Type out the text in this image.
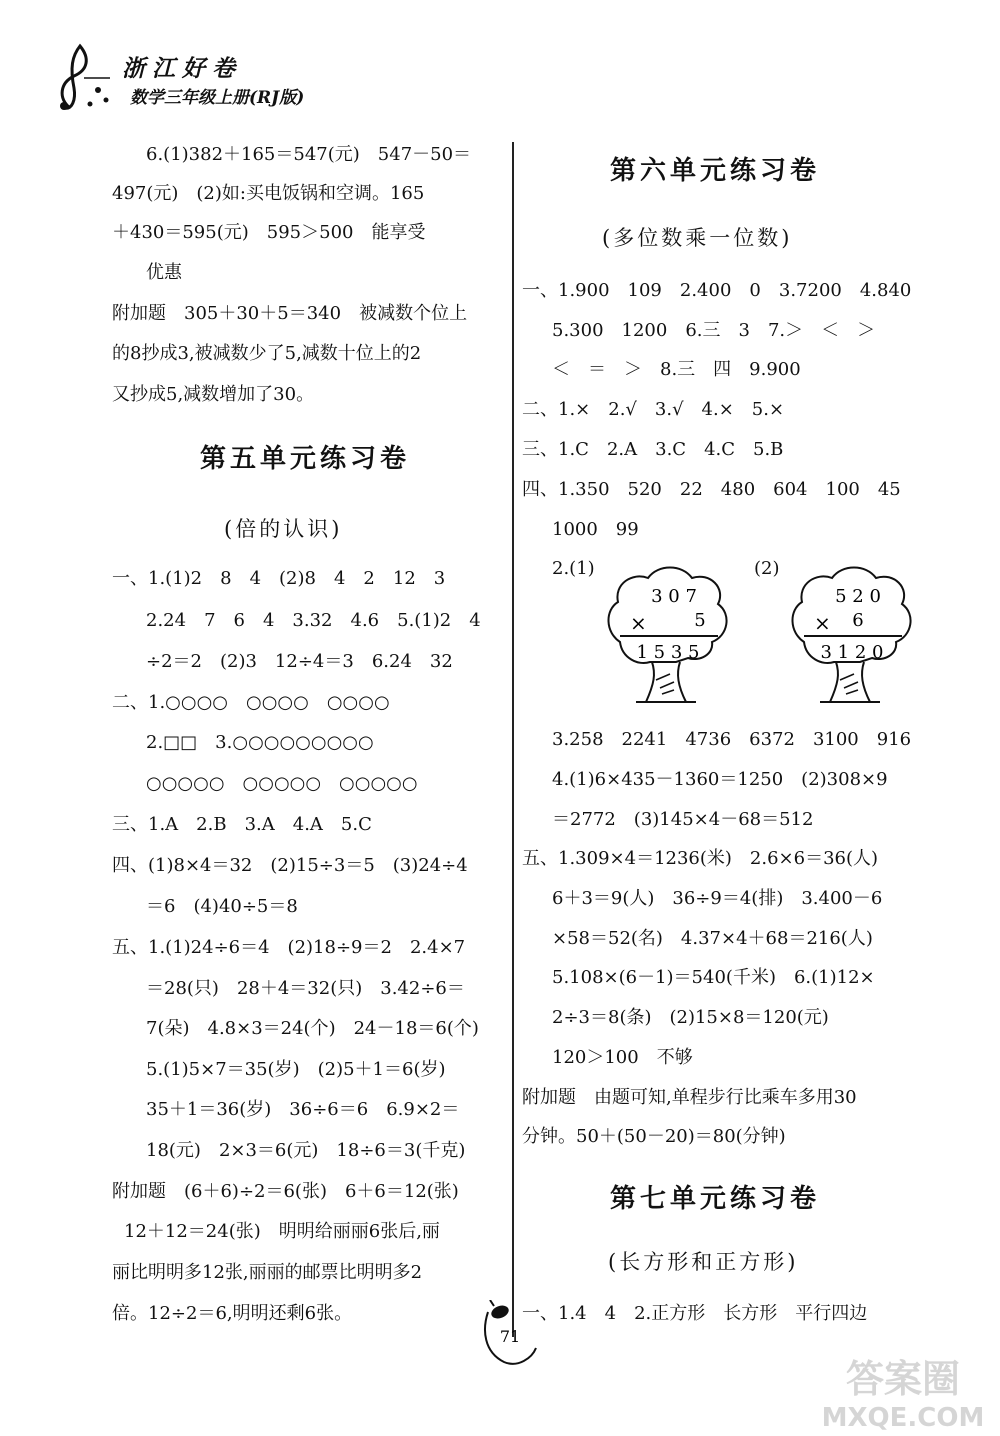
浙江好卷
数学三年级上册(RJ版)
第五单元练习卷
(倍的认识)
6.(1)382＋165＝547(元)　547－50＝
497(元)　(2)如:买电饭锅和空调。165
＋430＝595(元)　595＞500　能享受
优惠
附加题　305＋30＋5＝340　被减数个位上
的8抄成3,被减数少了5,减数十位上的2
又抄成5,减数增加了30。
一、1.(1)2　8　4　(2)8　4　2　12　3
2.24　7　6　4　3.32　4.6　5.(1)2　4
÷2＝2　(2)3　12÷4＝3　6.24　32
二、1.○○○○　○○○○　○○○○
2.□□　3.○○○○○○○○○
○○○○○　○○○○○　○○○○○
三、1.A　2.B　3.A　4.A　5.C
四、(1)8×4＝32　(2)15÷3＝5　(3)24÷4
＝6　(4)40÷5＝8
五、1.(1)24÷6＝4　(2)18÷9＝2　2.4×7
＝28(只)　28＋4＝32(只)　3.42÷6＝
7(朵)　4.8×3＝24(个)　24－18＝6(个)
5.(1)5×7＝35(岁)　(2)5＋1＝6(岁)
35＋1＝36(岁)　36÷6＝6　6.9×2＝
18(元)　2×3＝6(元)　18÷6＝3(千克)
附加题　(6＋6)÷2＝6(张)　6＋6＝12(张)
12＋12＝24(张)　明明给丽丽6张后,丽
丽比明明多12张,丽丽的邮票比明明多2
倍。12÷2＝6,明明还剩6张。
第六单元练习卷
(多位数乘一位数)
第七单元练习卷
(长方形和正方形)
3 0 7
×	5
1 5 3 5
5 2 0
× 6
3 1 2 0
一、1.900　109　2.400　0　3.7200　4.840
5.300　1200　6.三　3　7.＞　＜　＞
＜　＝　＞　8.三　四　9.900
二、1.×　2.√　3.√　4.×　5.×
三、1.C　2.A　3.C　4.C　5.B
四、1.350　520　22　480　604　100　45
1000　99
2.(1)	(2)
3.258　2241　4736　6372　3100　916
4.(1)6×435－1360＝1250　(2)308×9
＝2772　(3)145×4－68＝512
五、1.309×4＝1236(米)　2.6×6＝36(人)
6＋3＝9(人)　36÷9＝4(排)　3.400－6
×58＝52(名)　4.37×4＋68＝216(人)
5.108×(6－1)＝540(千米)　6.(1)12×
2÷3＝8(条)　(2)15×8＝120(元)
120＞100　不够
附加题　由题可知,单程步行比乘车多用30
分钟。50＋(50－20)＝80(分钟)
一、1.4　4　2.正方形　长方形　平行四边
71
答案圈
MXQE.COM
